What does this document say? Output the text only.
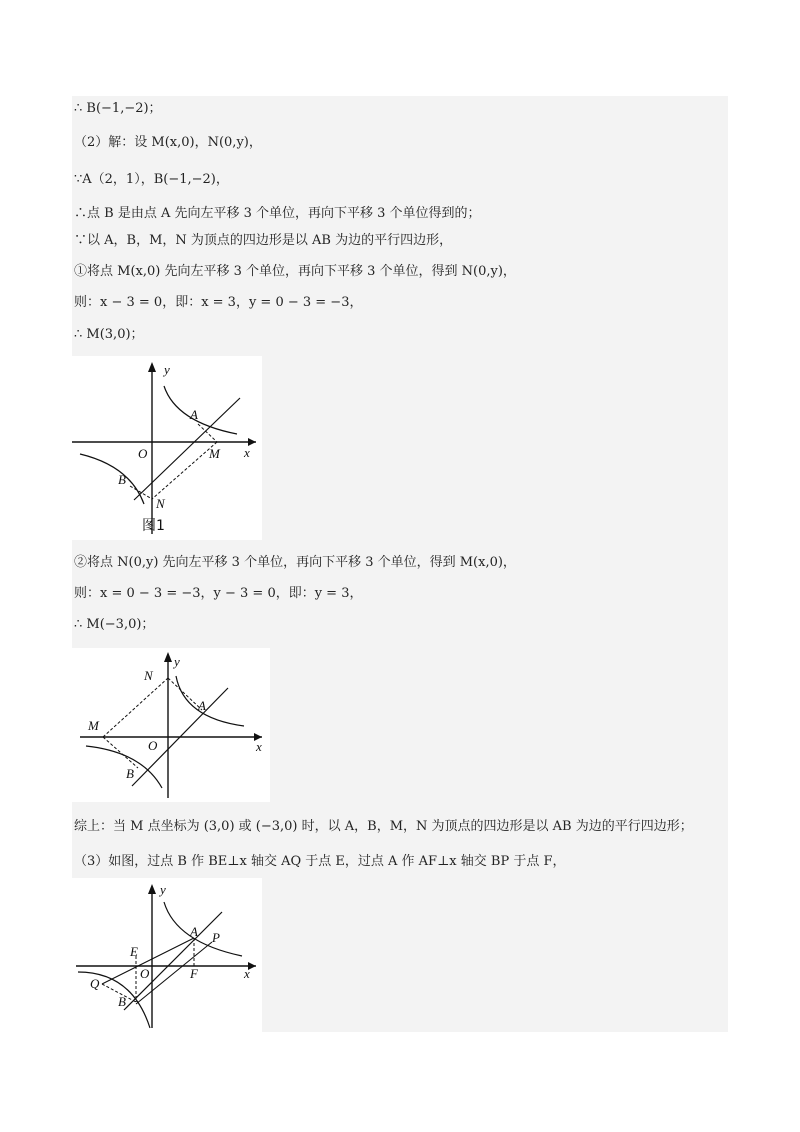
∴ B(−1,−2)；
（2）解：设 M(x,0)，N(0,y)，
∵A（2，1），B(−1,−2)，
∴点 B 是由点 A 先向左平移 3 个单位，再向下平移 3 个单位得到的；
∵以 A，B，M，N 为顶点的四边形是以 AB 为边的平行四边形，
①将点 M(x,0) 先向左平移 3 个单位，再向下平移 3 个单位，得到 N(0,y)，
则：x − 3 = 0，即：x = 3，y = 0 − 3 = −3，
∴ M(3,0)；
y
x
O
A
B
M
N
图1
②将点 N(0,y) 先向左平移 3 个单位，再向下平移 3 个单位，得到 M(x,0)，
则：x = 0 − 3 = −3，y − 3 = 0，即：y = 3，
∴ M(−3,0)；
y
x
O
A
B
M
N
综上：当 M 点坐标为 (3,0) 或 (−3,0) 时，以 A，B，M，N 为顶点的四边形是以 AB 为边的平行四边形；
（3）如图，过点 B 作 BE⊥x 轴交 AQ 于点 E，过点 A 作 AF⊥x 轴交 BP 于点 F，
y
x
O
A
B
E
F
P
Q
